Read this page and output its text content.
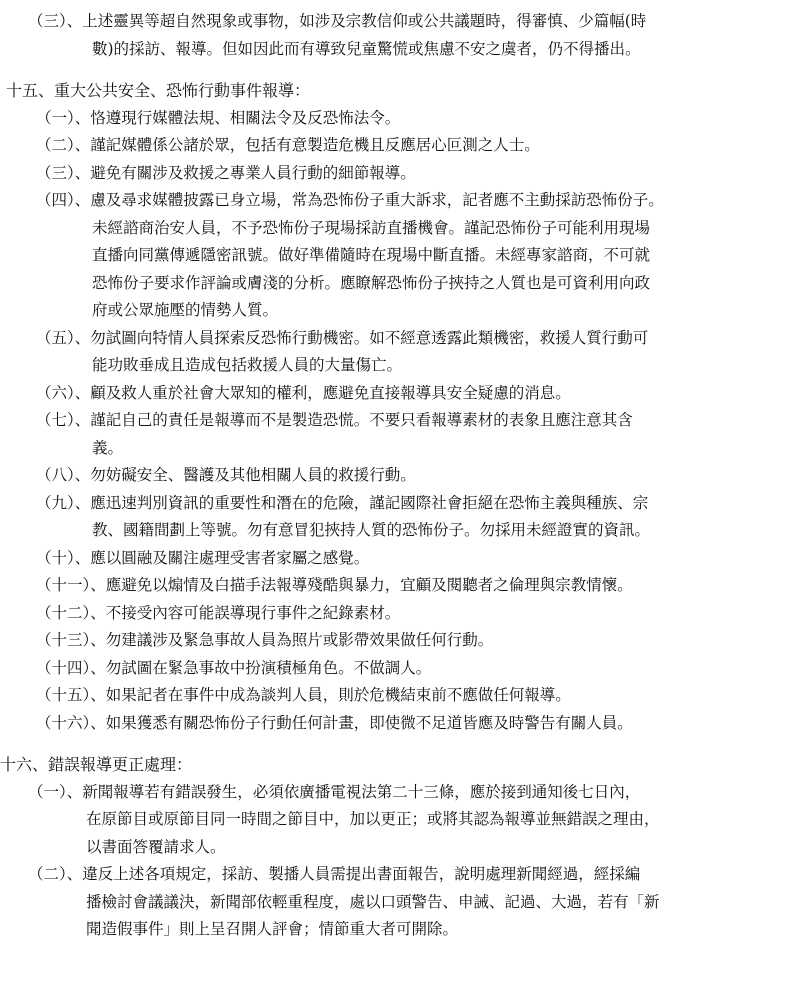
（三）、上述靈異等超自然現象或事物，如涉及宗教信仰或公共議題時，得審慎、少篇幅(時
數)的採訪、報導。但如因此而有導致兒童驚慌或焦慮不安之虞者，仍不得播出。
十五、重大公共安全、恐怖行動事件報導：
（一）、恪遵現行媒體法規、相關法令及反恐怖法令。
（二）、謹記媒體係公諸於眾，包括有意製造危機且反應居心叵測之人士。
（三）、避免有關涉及救援之專業人員行動的細節報導。
（四）、慮及尋求媒體披露已身立場，常為恐怖份子重大訴求，記者應不主動採訪恐怖份子。
未經諮商治安人員，不予恐怖份子現場採訪直播機會。謹記恐怖份子可能利用現場
直播向同黨傳遞隱密訊號。做好準備隨時在現場中斷直播。未經專家諮商，不可就
恐怖份子要求作評論或膚淺的分析。應瞭解恐怖份子挾持之人質也是可資利用向政
府或公眾施壓的情勢人質。
（五）、勿試圖向特情人員探索反恐怖行動機密。如不經意透露此類機密，救援人質行動可
能功敗垂成且造成包括救援人員的大量傷亡。
（六）、顧及救人重於社會大眾知的權利，應避免直接報導具安全疑慮的消息。
（七）、謹記自己的責任是報導而不是製造恐慌。不要只看報導素材的表象且應注意其含
義。
（八）、勿妨礙安全、醫護及其他相關人員的救援行動。
（九）、應迅速判別資訊的重要性和潛在的危險，謹記國際社會拒絕在恐怖主義與種族、宗
教、國籍間劃上等號。勿有意冒犯挾持人質的恐怖份子。勿採用未經證實的資訊。
（十）、應以圓融及關注處理受害者家屬之感覺。
（十一）、應避免以煽情及白描手法報導殘酷與暴力，宜顧及閱聽者之倫理與宗教情懷。
（十二）、不接受內容可能誤導現行事件之紀錄素材。
（十三）、勿建議涉及緊急事故人員為照片或影帶效果做任何行動。
（十四）、勿試圖在緊急事故中扮演積極角色。不做調人。
（十五）、如果記者在事件中成為談判人員，則於危機結束前不應做任何報導。
（十六）、如果獲悉有關恐怖份子行動任何計畫，即使微不足道皆應及時警告有關人員。
十六、錯誤報導更正處理：
（一）、新聞報導若有錯誤發生，必須依廣播電視法第二十三條，應於接到通知後七日內，
在原節目或原節目同一時間之節目中，加以更正；或將其認為報導並無錯誤之理由，
以書面答覆請求人。
（二）、違反上述各項規定，採訪、製播人員需提出書面報告，說明處理新聞經過，經採編
播檢討會議議決，新聞部依輕重程度，處以口頭警告、申誡、記過、大過，若有「新
聞造假事件」則上呈召開人評會；情節重大者可開除。
